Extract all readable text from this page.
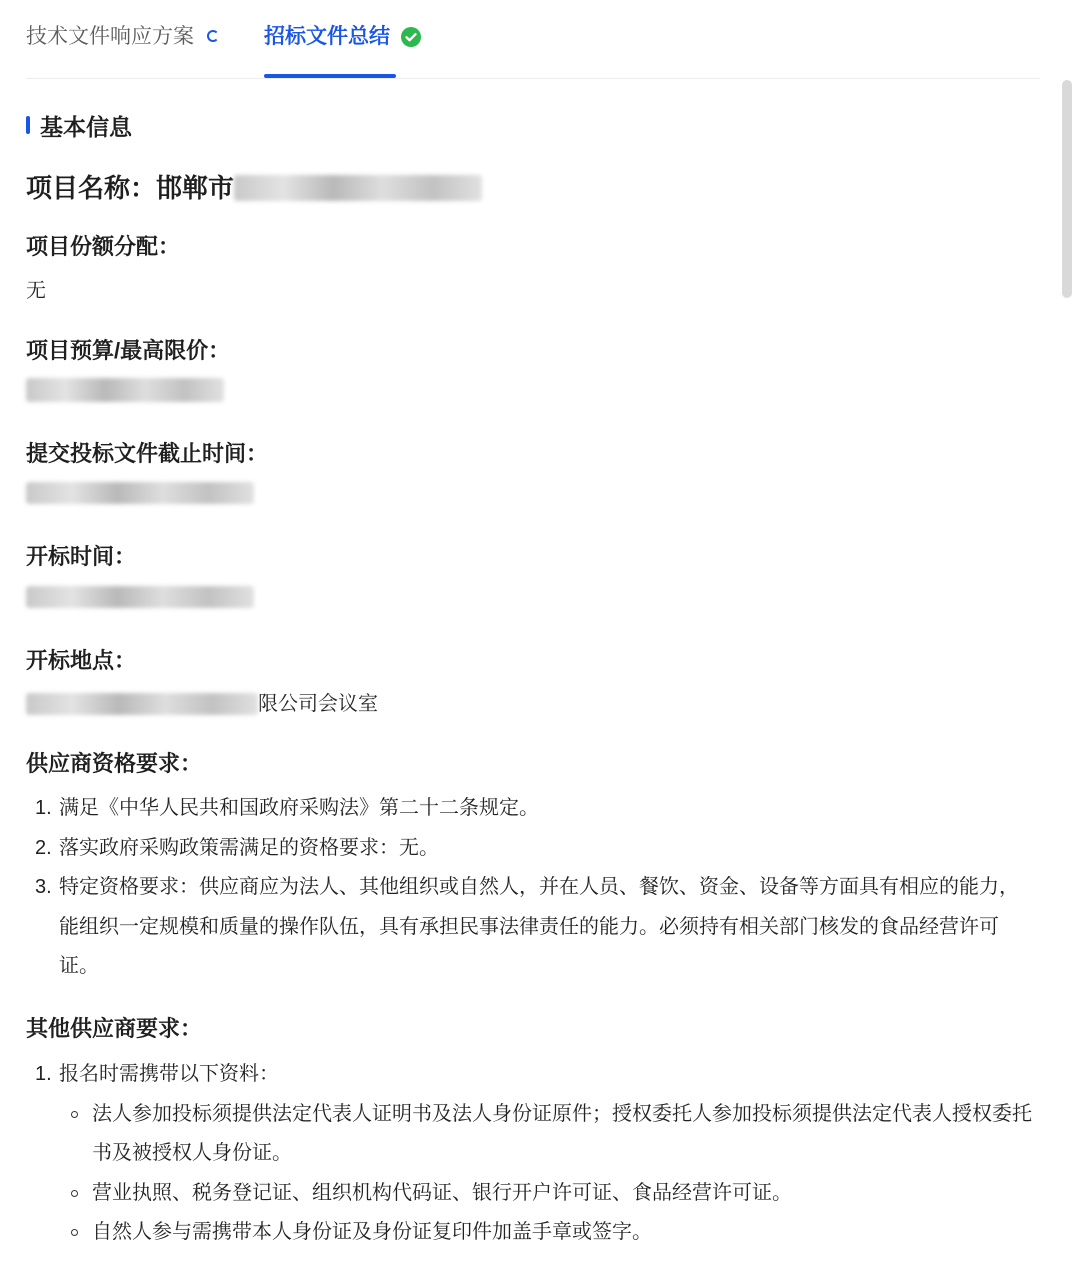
技术文件响应方案	招标文件总结
基本信息
项目名称： 邯郸市
项目份额分配：
无
项目预算/最高限价：
提交投标文件截止时间：
开标时间：
开标地点：
限公司会议室
供应商资格要求：
1. 满足《中华人民共和国政府采购法》第二十二条规定。
2. 落实政府采购政策需满足的资格要求：无。
3. 特定资格要求：供应商应为法人、其他组织或自然人，并在人员、餐饮、资金、设备等方面具有相应的能力，能组织一定规模和质量的操作队伍，具有承担民事法律责任的能力。必须持有相关部门核发的食品经营许可证。
其他供应商要求：
1. 报名时需携带以下资料：
法人参加投标须提供法定代表人证明书及法人身份证原件；授权委托人参加投标须提供法定代表人授权委托书及被授权人身份证。
营业执照、税务登记证、组织机构代码证、银行开户许可证、食品经营许可证。
自然人参与需携带本人身份证及身份证复印件加盖手章或签字。
